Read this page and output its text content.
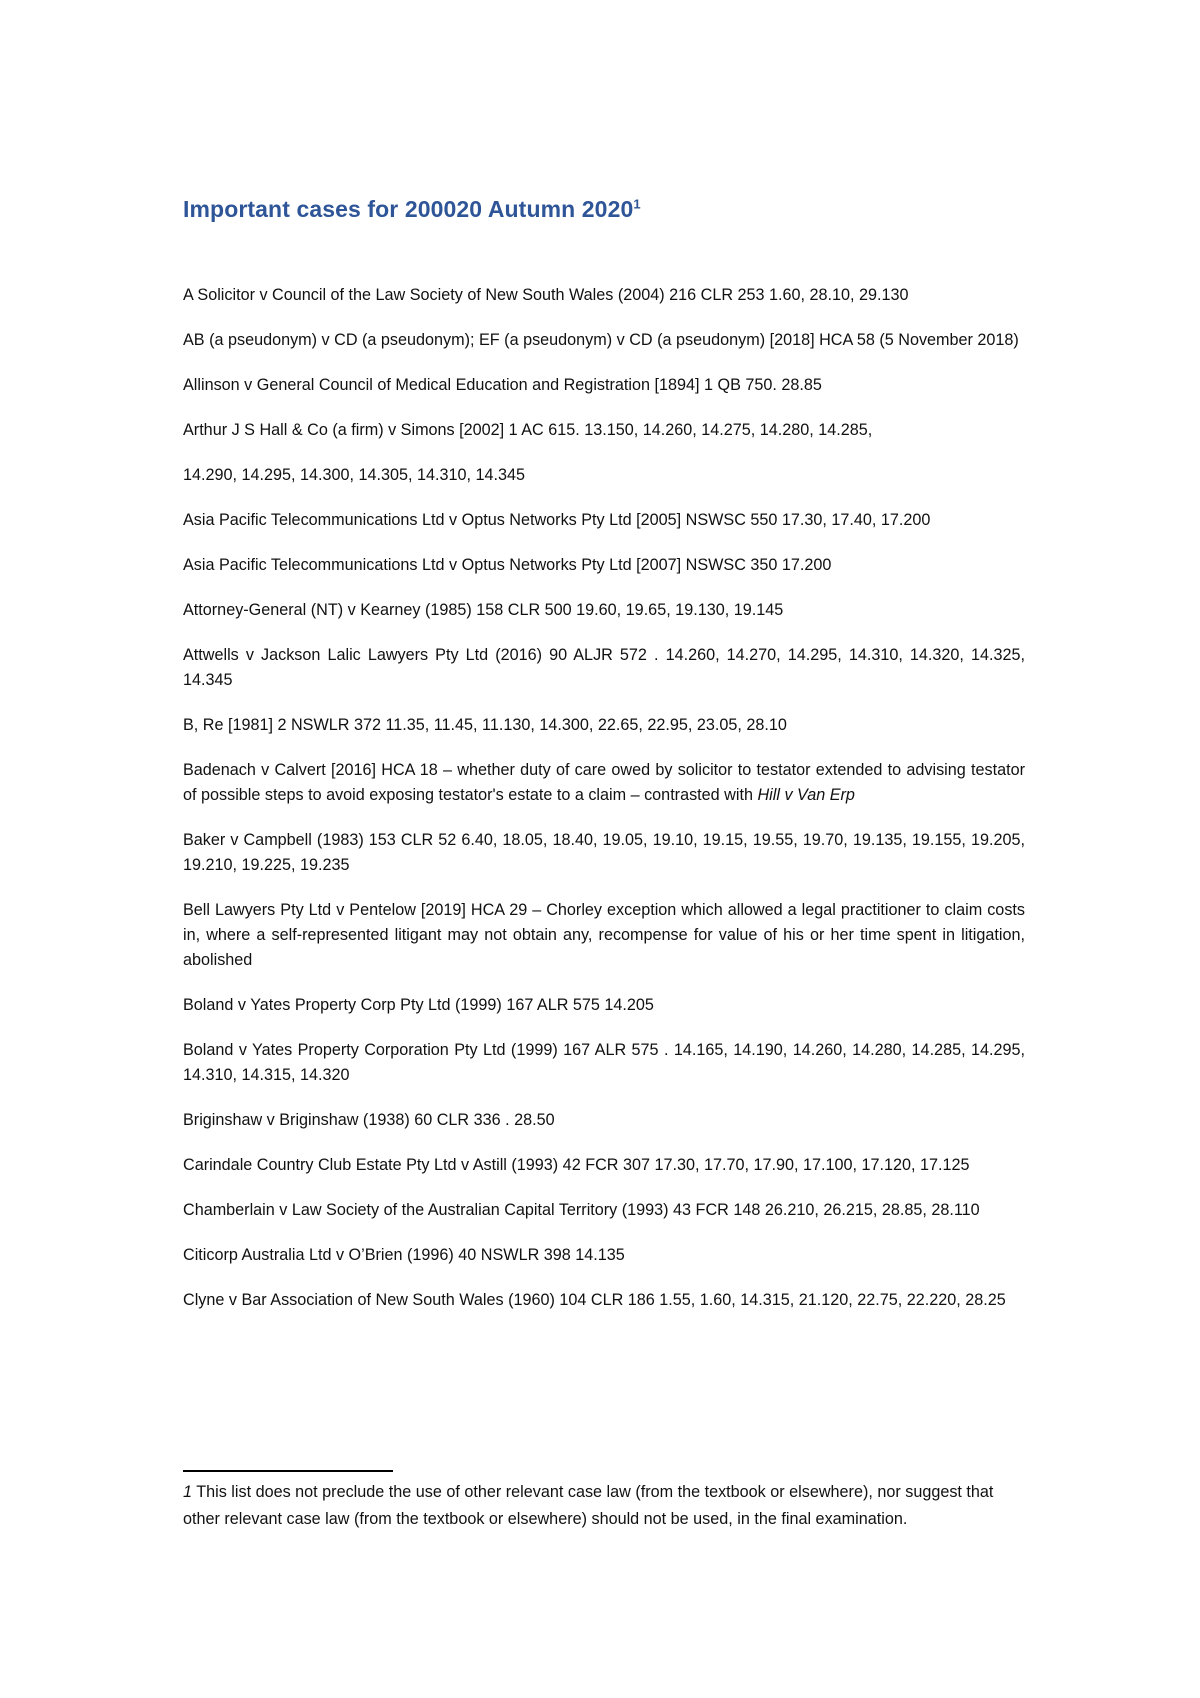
Important cases for 200020 Autumn 2020$^1$

A Solicitor v Council of the Law Society of New South Wales (2004) 216 CLR 253 1.60, 28.10, 29.130

AB (a pseudonym) v CD (a pseudonym); EF (a pseudonym) v CD (a pseudonym) [2018] HCA 58 (5 November 2018)

Allinson v General Council of Medical Education and Registration [1894] 1 QB 750. 28.85

Arthur J S Hall & Co (a firm) v Simons [2002] 1 AC 615. 13.150, 14.260, 14.275, 14.280, 14.285,

14.290, 14.295, 14.300, 14.305, 14.310, 14.345

Asia Pacific Telecommunications Ltd v Optus Networks Pty Ltd [2005] NSWSC 550 17.30, 17.40, 17.200

Asia Pacific Telecommunications Ltd v Optus Networks Pty Ltd [2007] NSWSC 350 17.200

Attorney-General (NT) v Kearney (1985) 158 CLR 500 19.60, 19.65, 19.130, 19.145

Attwells v Jackson Lalic Lawyers Pty Ltd (2016) 90 ALJR 572 . 14.260, 14.270, 14.295, 14.310, 14.320, 14.325, 14.345

B, Re [1981] 2 NSWLR 372 11.35, 11.45, 11.130, 14.300, 22.65, 22.95, 23.05, 28.10

Badenach v Calvert [2016] HCA 18 – whether duty of care owed by solicitor to testator extended to advising testator of possible steps to avoid exposing testator's estate to a claim – contrasted with Hill v Van Erp

Baker v Campbell (1983) 153 CLR 52 6.40, 18.05, 18.40, 19.05, 19.10, 19.15, 19.55, 19.70, 19.135, 19.155, 19.205, 19.210, 19.225, 19.235

Bell Lawyers Pty Ltd v Pentelow [2019] HCA 29 – Chorley exception which allowed a legal practitioner to claim costs in, where a self-represented litigant may not obtain any, recompense for value of his or her time spent in litigation, abolished

Boland v Yates Property Corp Pty Ltd (1999) 167 ALR 575 14.205

Boland v Yates Property Corporation Pty Ltd (1999) 167 ALR 575 . 14.165, 14.190, 14.260, 14.280, 14.285, 14.295, 14.310, 14.315, 14.320

Briginshaw v Briginshaw (1938) 60 CLR 336 . 28.50

Carindale Country Club Estate Pty Ltd v Astill (1993) 42 FCR 307 17.30, 17.70, 17.90, 17.100, 17.120, 17.125

Chamberlain v Law Society of the Australian Capital Territory (1993) 43 FCR 148 26.210, 26.215, 28.85, 28.110

Citicorp Australia Ltd v O’Brien (1996) 40 NSWLR 398 14.135

Clyne v Bar Association of New South Wales (1960) 104 CLR 186 1.55, 1.60, 14.315, 21.120, 22.75, 22.220, 28.25

1 This list does not preclude the use of other relevant case law (from the textbook or elsewhere), nor suggest that other relevant case law (from the textbook or elsewhere) should not be used, in the final examination.
